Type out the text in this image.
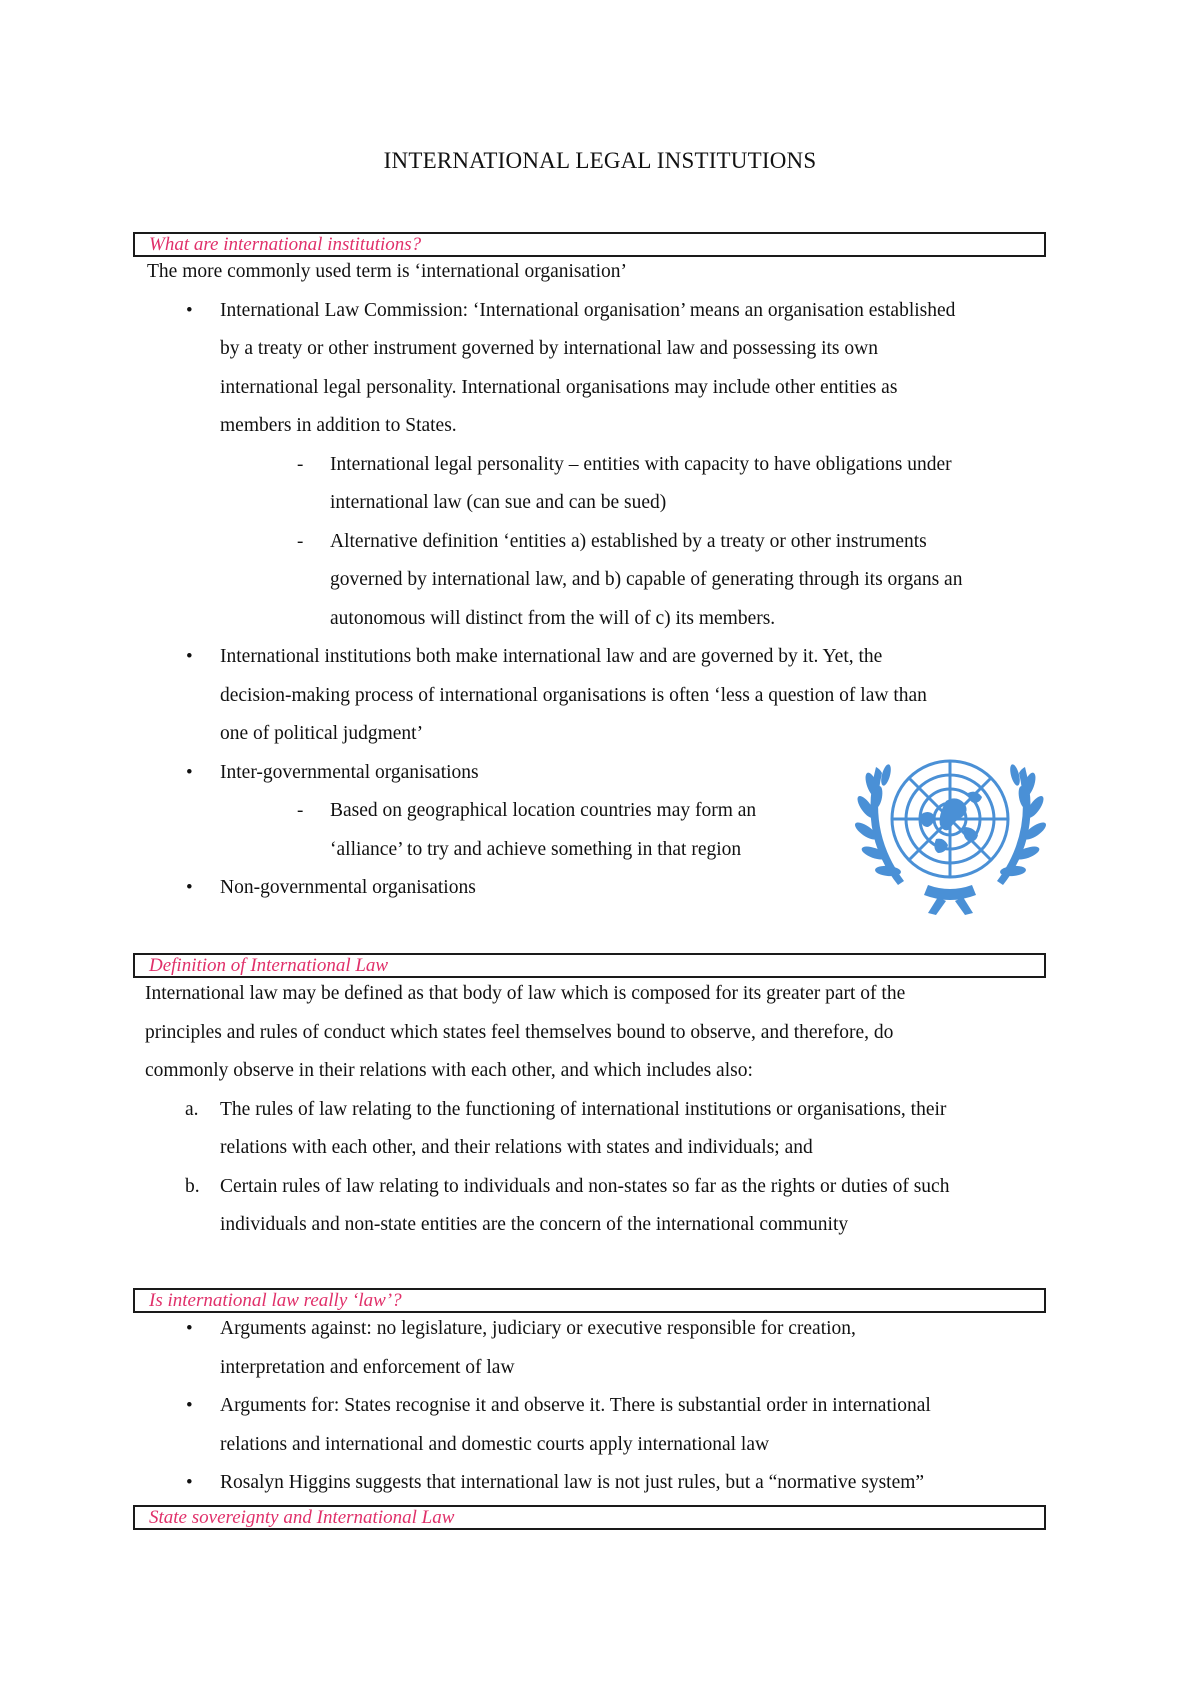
INTERNATIONAL LEGAL INSTITUTIONS
What are international institutions?
The more commonly used term is ‘international organisation’
• International Law Commission: ‘International organisation’ means an organisation established
by a treaty or other instrument governed by international law and possessing its own
international legal personality. International organisations may include other entities as
members in addition to States.
- International legal personality – entities with capacity to have obligations under
international law (can sue and can be sued)
- Alternative definition ‘entities a) established by a treaty or other instruments
governed by international law, and b) capable of generating through its organs an
autonomous will distinct from the will of c) its members.
• International institutions both make international law and are governed by it. Yet, the
decision-making process of international organisations is often ‘less a question of law than
one of political judgment’
• Inter-governmental organisations
- Based on geographical location countries may form an
‘alliance’ to try and achieve something in that region
• Non-governmental organisations
Definition of International Law
International law may be defined as that body of law which is composed for its greater part of the
principles and rules of conduct which states feel themselves bound to observe, and therefore, do
commonly observe in their relations with each other, and which includes also:
a. The rules of law relating to the functioning of international institutions or organisations, their
relations with each other, and their relations with states and individuals; and
b. Certain rules of law relating to individuals and non-states so far as the rights or duties of such
individuals and non-state entities are the concern of the international community
Is international law really ‘law’?
• Arguments against: no legislature, judiciary or executive responsible for creation,
interpretation and enforcement of law
• Arguments for: States recognise it and observe it. There is substantial order in international
relations and international and domestic courts apply international law
• Rosalyn Higgins suggests that international law is not just rules, but a “normative system”
State sovereignty and International Law
